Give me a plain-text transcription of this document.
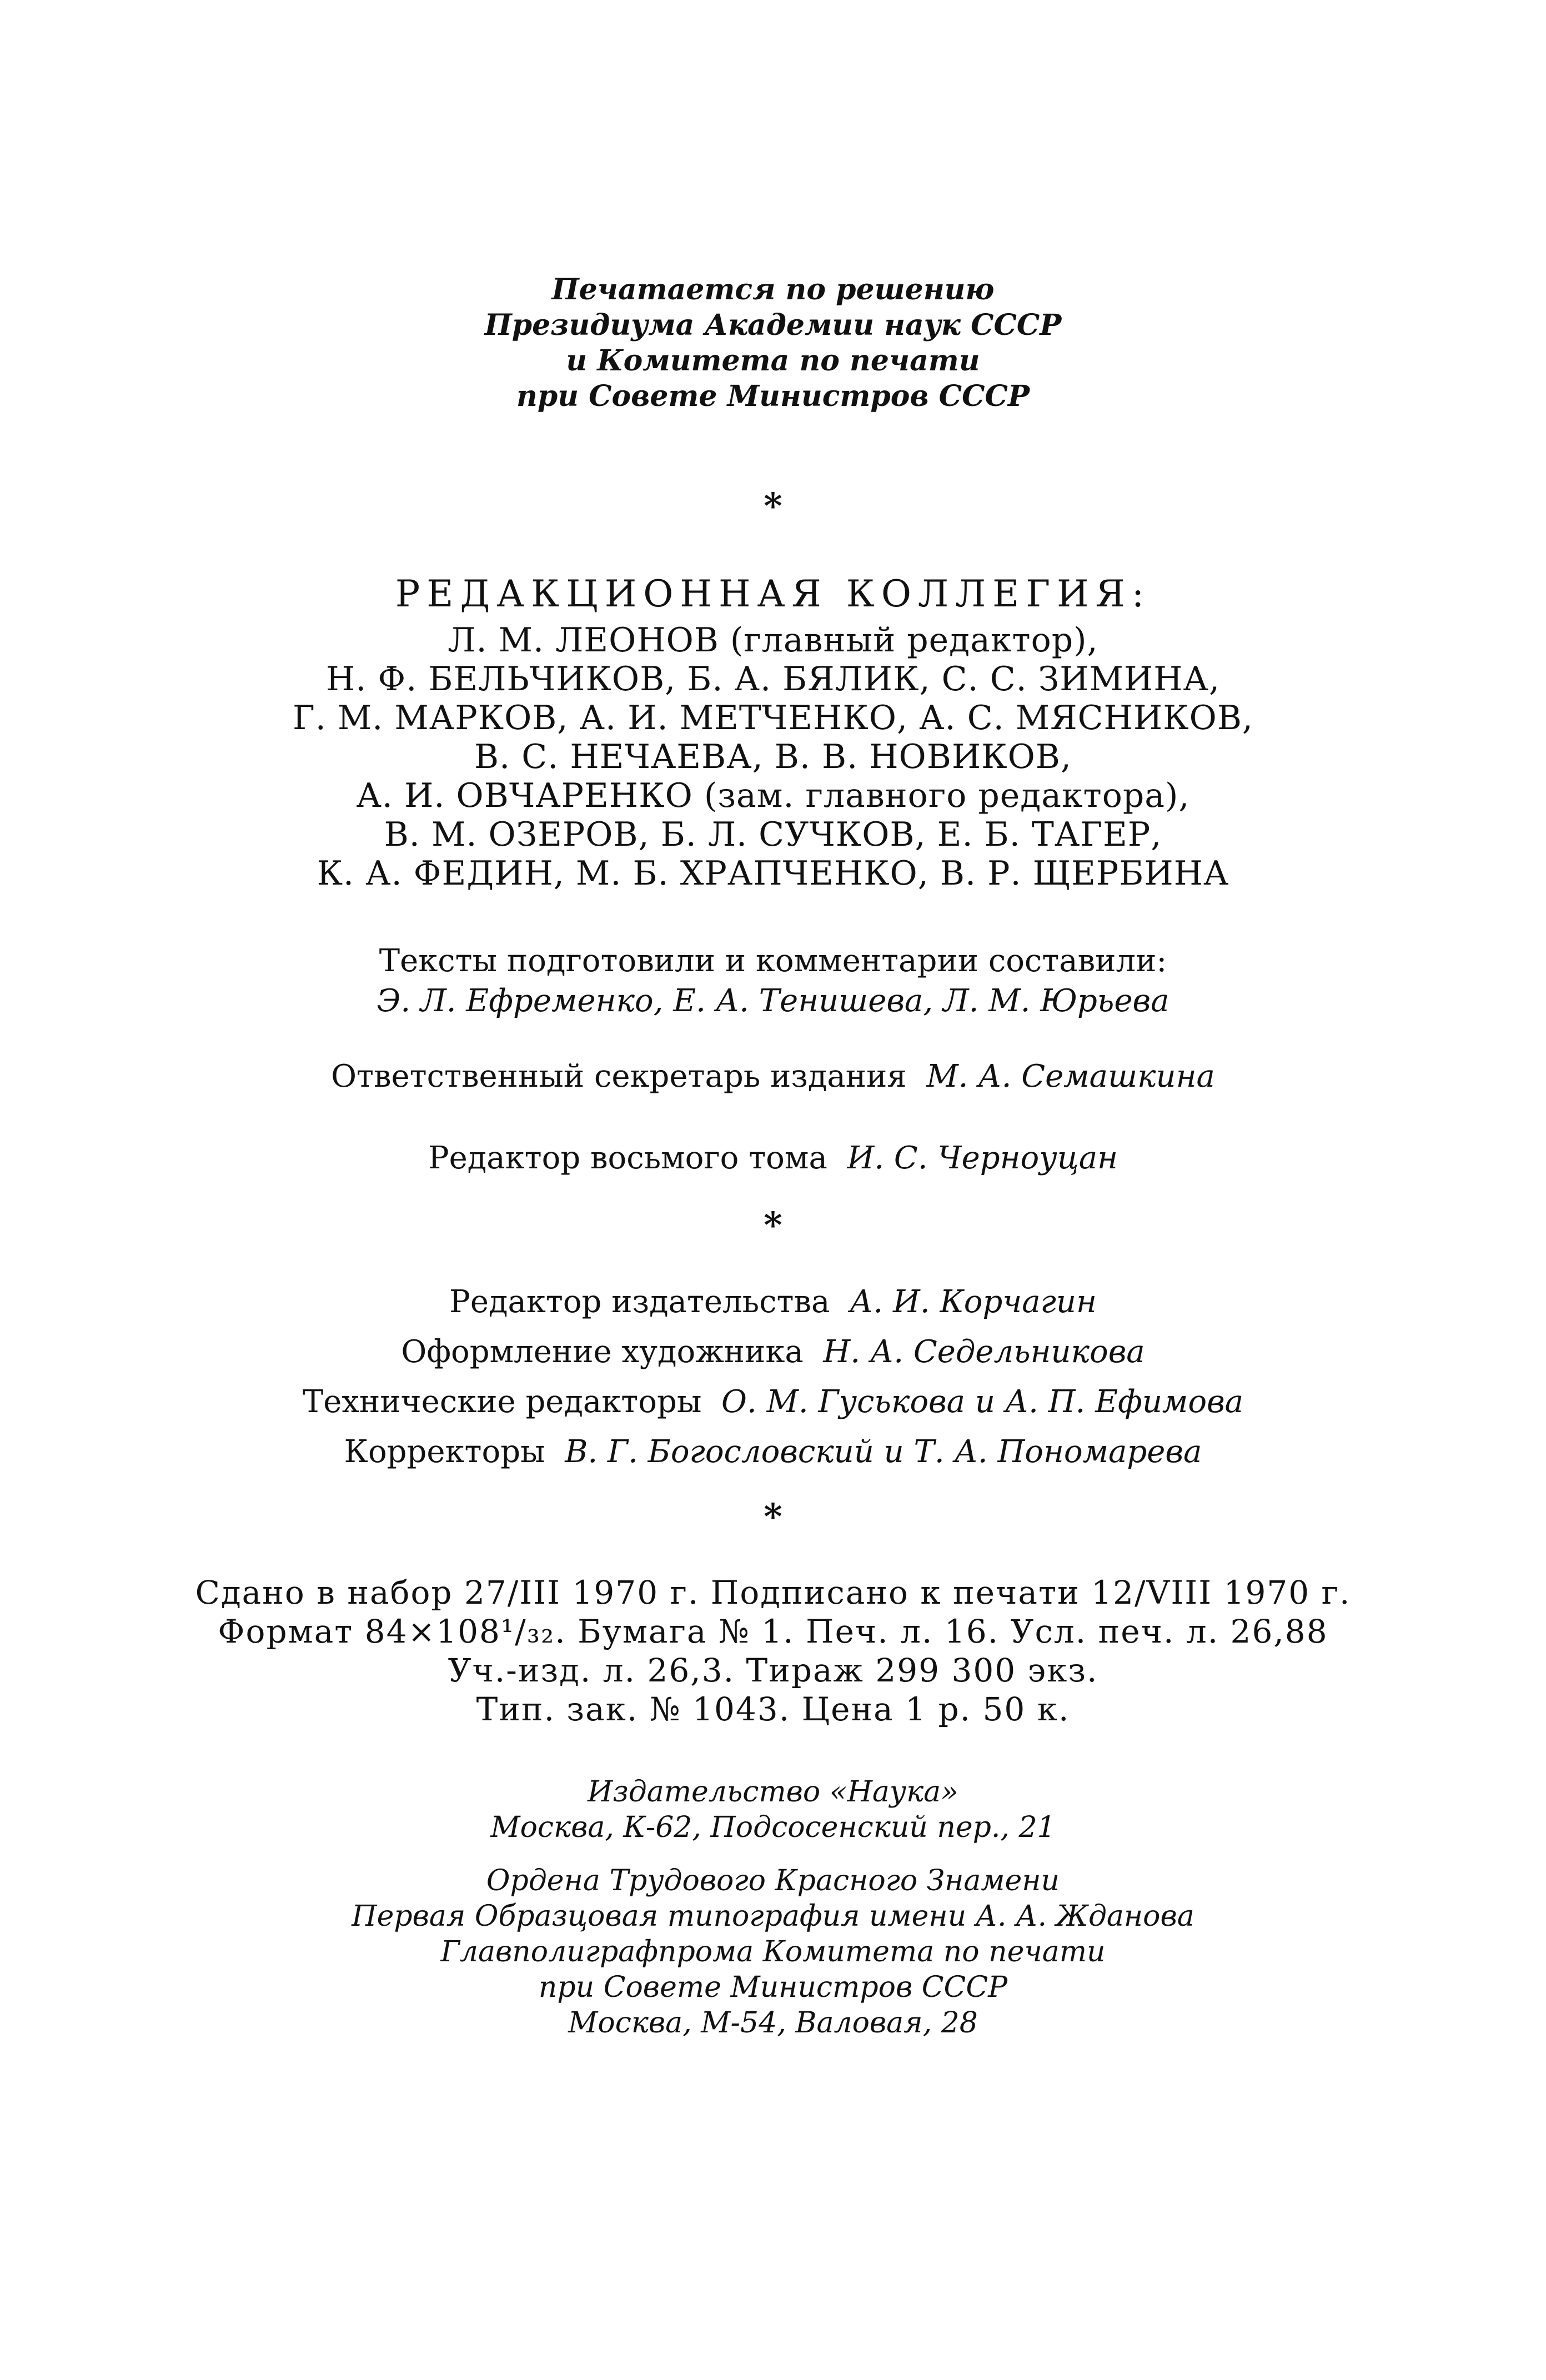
Печатается по решению
Президиума Академии наук СССР
и Комитета по печати
при Совете Министров СССР
*
РЕДАКЦИОННАЯ КОЛЛЕГИЯ:
Л. М. ЛЕОНОВ (главный редактор),
Н. Ф. БЕЛЬЧИКОВ, Б. А. БЯЛИК, С. С. ЗИМИНА,
Г. М. МАРКОВ, А. И. МЕТЧЕНКО, А. С. МЯСНИКОВ,
В. С. НЕЧАЕВА, В. В. НОВИКОВ,
А. И. ОВЧАРЕНКО (зам. главного редактора),
В. М. ОЗЕРОВ, Б. Л. СУЧКОВ, Е. Б. ТАГЕР,
К. А. ФЕДИН, М. Б. ХРАПЧЕНКО, В. Р. ЩЕРБИНА
Тексты подготовили и комментарии составили:
Э. Л. Ефременко, Е. А. Тенишева, Л. М. Юрьева
Ответственный секретарь издания М. А. Семашкина
Редактор восьмого тома И. С. Черноуцан
*
Редактор издательства А. И. Корчагин
Оформление художника Н. А. Седельникова
Технические редакторы О. М. Гуськова и А. П. Ефимова
Корректоры В. Г. Богословский и Т. А. Пономарева
*
Сдано в набор 27/III 1970 г. Подписано к печати 12/VIII 1970 г.
Формат 84×108¹/₃₂. Бумага № 1. Печ. л. 16. Усл. печ. л. 26,88
Уч.-изд. л. 26,3. Тираж 299 300 экз.
Тип. зак. № 1043. Цена 1 р. 50 к.
Издательство «Наука»
Москва, К-62, Подсосенский пер., 21
Ордена Трудового Красного Знамени
Первая Образцовая типография имени А. А. Жданова
Главполиграфпрома Комитета по печати
при Совете Министров СССР
Москва, М-54, Валовая, 28
